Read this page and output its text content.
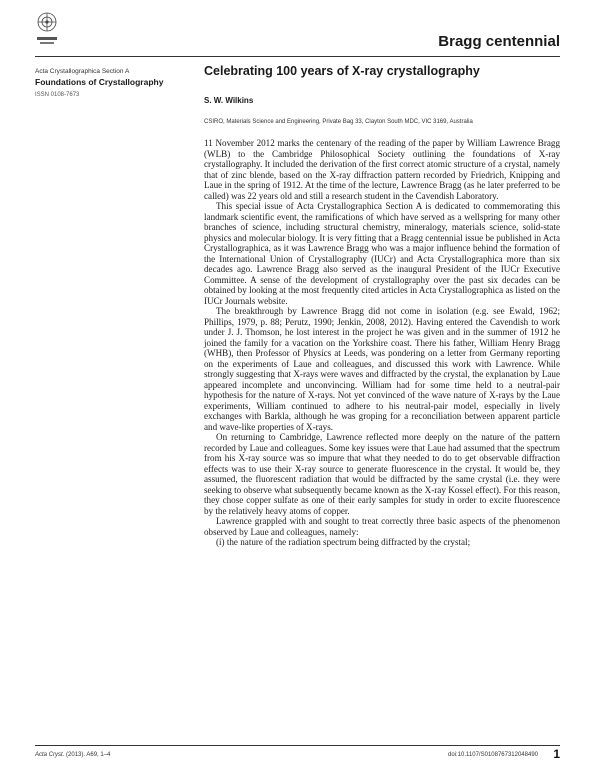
Bragg centennial
Acta Crystallographica Section A
Foundations of Crystallography
ISSN 0108-7673
Celebrating 100 years of X-ray crystallography
S. W. Wilkins
CSIRO, Materials Science and Engineering, Private Bag 33, Clayton South MDC, VIC 3169, Australia

11 November 2012 marks the centenary of the reading of the paper by William Lawrence Bragg (WLB) to the Cambridge Philosophical Society outlining the foundations of X-ray crystallography. It included the derivation of the first correct atomic structure of a crystal, namely that of zinc blende, based on the X-ray diffraction pattern recorded by Friedrich, Knipping and Laue in the spring of 1912. At the time of the lecture, Lawrence Bragg (as he later preferred to be called) was 22 years old and still a research student in the Cavendish Laboratory.

This special issue of Acta Crystallographica Section A is dedicated to commemorating this landmark scientific event, the ramifications of which have served as a wellspring for many other branches of science, including structural chemistry, mineralogy, materials science, solid-state physics and molecular biology. It is very fitting that a Bragg centennial issue be published in Acta Crystallographica, as it was Lawrence Bragg who was a major influence behind the formation of the International Union of Crystallography (IUCr) and Acta Crystallographica more than six decades ago. Lawrence Bragg also served as the inaugural President of the IUCr Executive Committee. A sense of the development of crystallography over the past six decades can be obtained by looking at the most frequently cited articles in Acta Crystallographica as listed on the IUCr Journals website.

The breakthrough by Lawrence Bragg did not come in isolation (e.g. see Ewald, 1962; Phillips, 1979, p. 88; Perutz, 1990; Jenkin, 2008, 2012). Having entered the Cavendish to work under J. J. Thomson, he lost interest in the project he was given and in the summer of 1912 he joined the family for a vacation on the Yorkshire coast. There his father, William Henry Bragg (WHB), then Professor of Physics at Leeds, was pondering on a letter from Germany reporting on the experiments of Laue and colleagues, and discussed this work with Lawrence. While strongly suggesting that X-rays were waves and diffracted by the crystal, the explanation by Laue appeared incomplete and unconvincing. William had for some time held to a neutral-pair hypothesis for the nature of X-rays. Not yet convinced of the wave nature of X-rays by the Laue experiments, William continued to adhere to his neutral-pair model, especially in lively exchanges with Barkla, although he was groping for a reconciliation between apparent particle and wave-like properties of X-rays.

On returning to Cambridge, Lawrence reflected more deeply on the nature of the pattern recorded by Laue and colleagues. Some key issues were that Laue had assumed that the spectrum from his X-ray source was so impure that what they needed to do to get observable diffraction effects was to use their X-ray source to generate fluorescence in the crystal. It would be, they assumed, the fluorescent radiation that would be diffracted by the same crystal (i.e. they were seeking to observe what subsequently became known as the X-ray Kossel effect). For this reason, they chose copper sulfate as one of their early samples for study in order to excite fluorescence by the relatively heavy atoms of copper.

Lawrence grappled with and sought to treat correctly three basic aspects of the phenomenon observed by Laue and colleagues, namely:

(i) the nature of the radiation spectrum being diffracted by the crystal;

Acta Cryst. (2013). A69, 1–4	doi:10.1107/S0108767312048490 1
